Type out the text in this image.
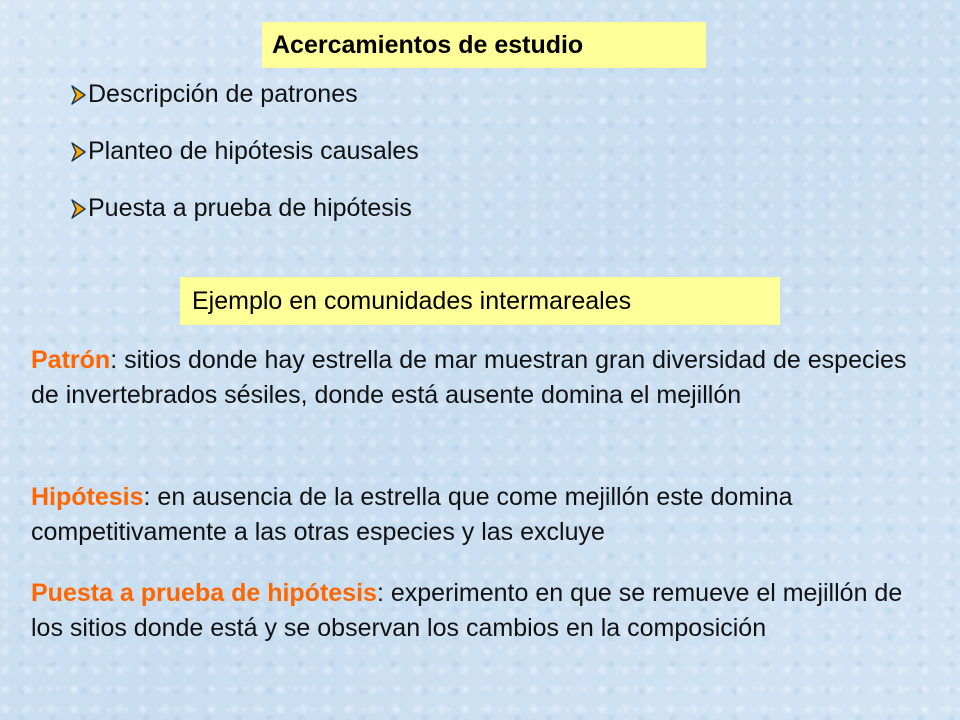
Acercamientos de estudio
Descripción de patrones
Planteo de hipótesis causales
Puesta a prueba de hipótesis
Ejemplo en comunidades intermareales
Patrón: sitios donde hay estrella de mar muestran gran diversidad de especies de invertebrados sésiles, donde está ausente domina el mejillón
Hipótesis: en ausencia de la estrella que come mejillón este domina competitivamente a las otras especies y las excluye
Puesta a prueba de hipótesis: experimento en que se remueve el mejillón de los sitios donde está y se observan los cambios en la composición
